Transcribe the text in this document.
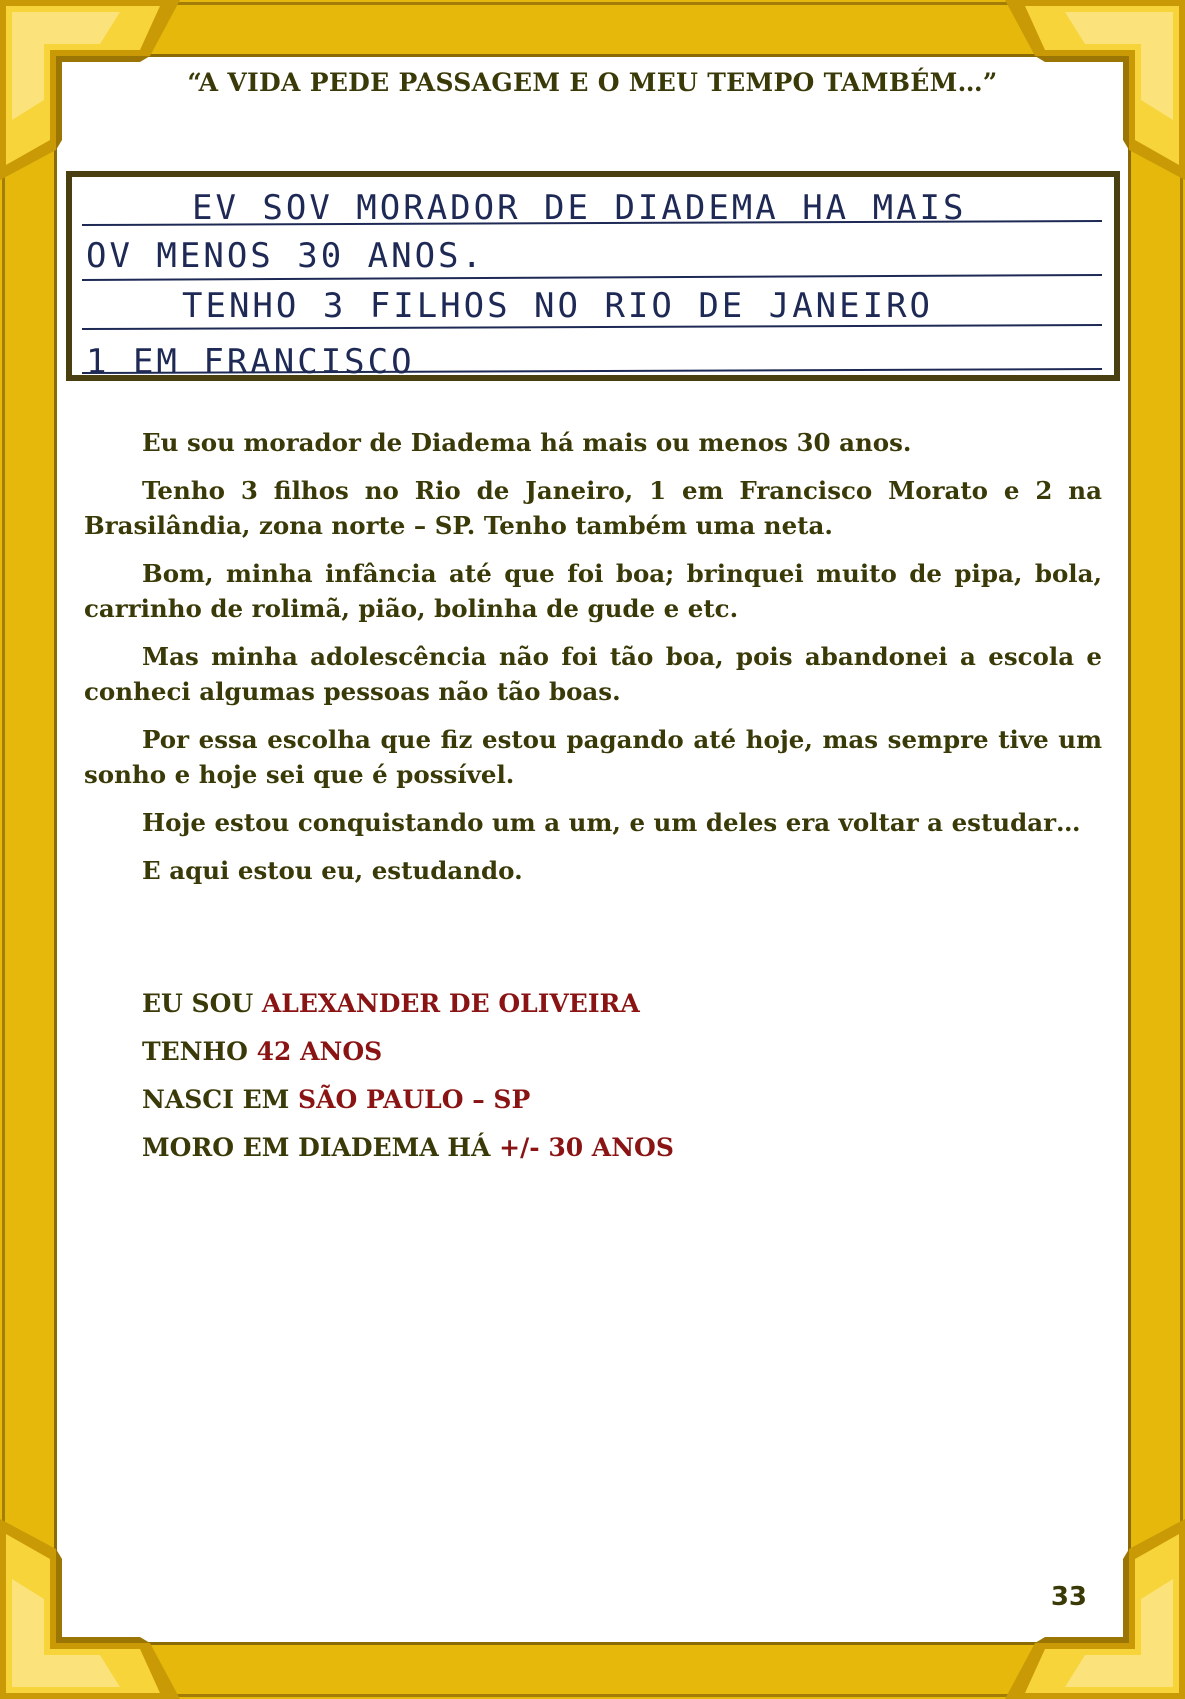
“A VIDA PEDE PASSAGEM E O MEU TEMPO TAMBÉM…”
EV SOV MORADOR DE DIADEMA HA MAIS
OV MENOS 30 ANOS.
TENHO 3 FILHOS NO RIO DE JANEIRO
1 EM FRANCISCO

Eu sou morador de Diadema há mais ou menos 30 anos.

Tenho 3 filhos no Rio de Janeiro, 1 em Francisco Morato e 2 na Brasilândia, zona norte – SP. Tenho também uma neta.

Bom, minha infância até que foi boa; brinquei muito de pipa, bola, carrinho de rolimã, pião, bolinha de gude e etc.

Mas minha adolescência não foi tão boa, pois abandonei a escola e conheci algumas pessoas não tão boas.

Por essa escolha que fiz estou pagando até hoje, mas sempre tive um sonho e hoje sei que é possível.

Hoje estou conquistando um a um, e um deles era voltar a estudar…

E aqui estou eu, estudando.

EU SOU ALEXANDER DE OLIVEIRA
TENHO 42 ANOS
NASCI EM SÃO PAULO – SP
MORO EM DIADEMA HÁ +/- 30 ANOS
33
